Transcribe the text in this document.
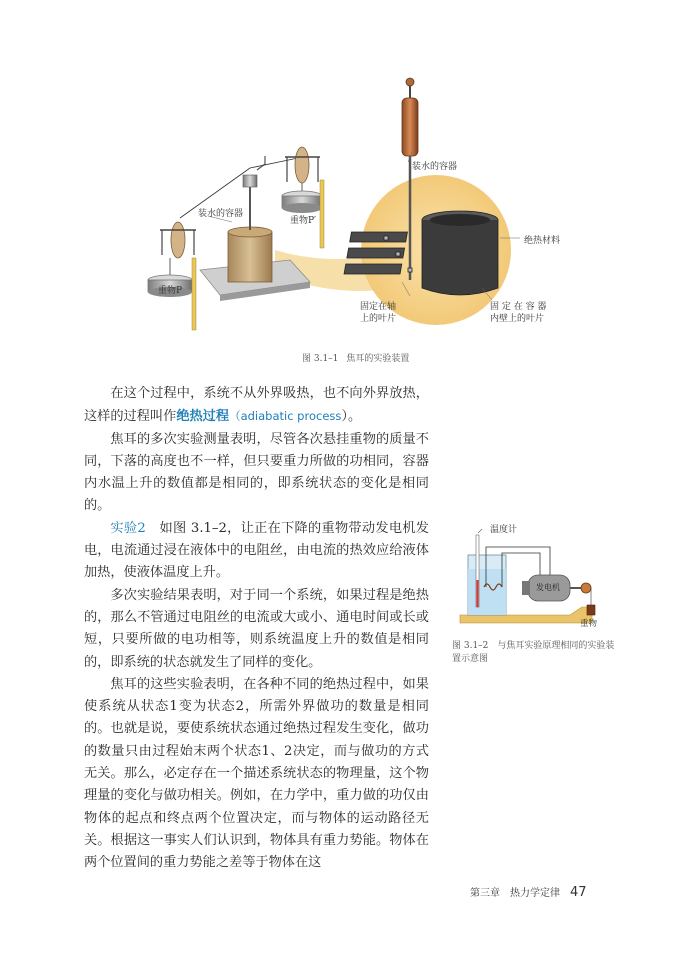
装水的容器
装水的容器
重物P′
重物P
绝热材料
固定在轴
上的叶片
固 定 在 容 器
内壁上的叶片
图 3.1–1 焦耳的实验装置

在这个过程中，系统不从外界吸热，也不向外界放热，这样的过程叫作绝热过程（adiabatic process）。

焦耳的多次实验测量表明，尽管各次悬挂重物的质量不同，下落的高度也不一样，但只要重力所做的功相同，容器内水温上升的数值都是相同的，即系统状态的变化是相同的。

实验2　如图 3.1–2，让正在下降的重物带动发电机发电，电流通过浸在液体中的电阻丝，由电流的热效应给液体加热，使液体温度上升。

多次实验结果表明，对于同一个系统，如果过程是绝热的，那么不管通过电阻丝的电流或大或小、通电时间或长或短，只要所做的电功相等，则系统温度上升的数值是相同的，即系统的状态就发生了同样的变化。

焦耳的这些实验表明，在各种不同的绝热过程中，如果使系统从状态1变为状态2，所需外界做功的数量是相同的。也就是说，要使系统状态通过绝热过程发生变化，做功的数量只由过程始末两个状态1、2决定，而与做功的方式无关。那么，必定存在一个描述系统状态的物理量，这个物理量的变化与做功相关。例如，在力学中，重力做的功仅由物体的起点和终点两个位置决定，而与物体的运动路径无关。根据这一事实人们认识到，物体具有重力势能。物体在两个位置间的重力势能之差等于物体在这

温度计
发电机
重物
图 3.1–2　 与焦耳实验原理相同的实验装置示意图
第三章　热力学定律 47
